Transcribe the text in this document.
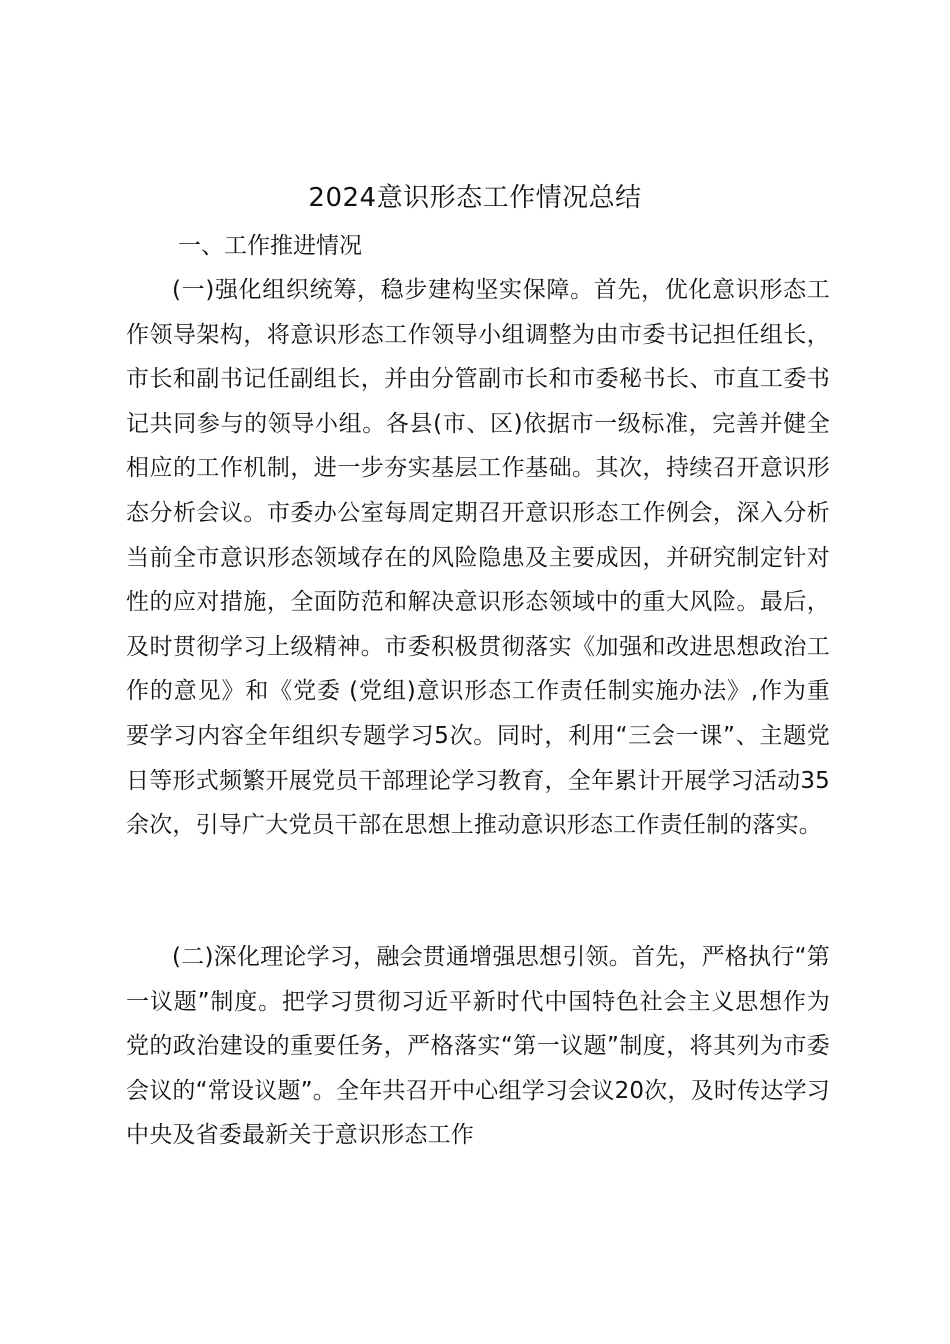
2024意识形态工作情况总结
一、工作推进情况

(一)强化组织统筹，稳步建构坚实保障。首先，优化意识形态工作领导架构，将意识形态工作领导小组调整为由市委书记担任组长，市长和副书记任副组长，并由分管副市长和市委秘书长、市直工委书记共同参与的领导小组。各县(市、区)依据市一级标准，完善并健全相应的工作机制，进一步夯实基层工作基础。其次，持续召开意识形态分析会议。市委办公室每周定期召开意识形态工作例会，深入分析当前全市意识形态领域存在的风险隐患及主要成因，并研究制定针对性的应对措施，全面防范和解决意识形态领域中的重大风险。最后，及时贯彻学习上级精神。市委积极贯彻落实《加强和改进思想政治工作的意见》和《党委 (党组)意识形态工作责任制实施办法》,作为重要学习内容全年组织专题学习5次。同时，利用“三会一课”、主题党日等形式频繁开展党员干部理论学习教育，全年累计开展学习活动35余次，引导广大党员干部在思想上推动意识形态工作责任制的落实。

(二)深化理论学习，融会贯通增强思想引领。首先，严格执行“第一议题”制度。把学习贯彻习近平新时代中国特色社会主义思想作为党的政治建设的重要任务，严格落实“第一议题”制度，将其列为市委会议的“常设议题”。全年共召开中心组学习会议20次，及时传达学习中央及省委最新关于意识形态工作
